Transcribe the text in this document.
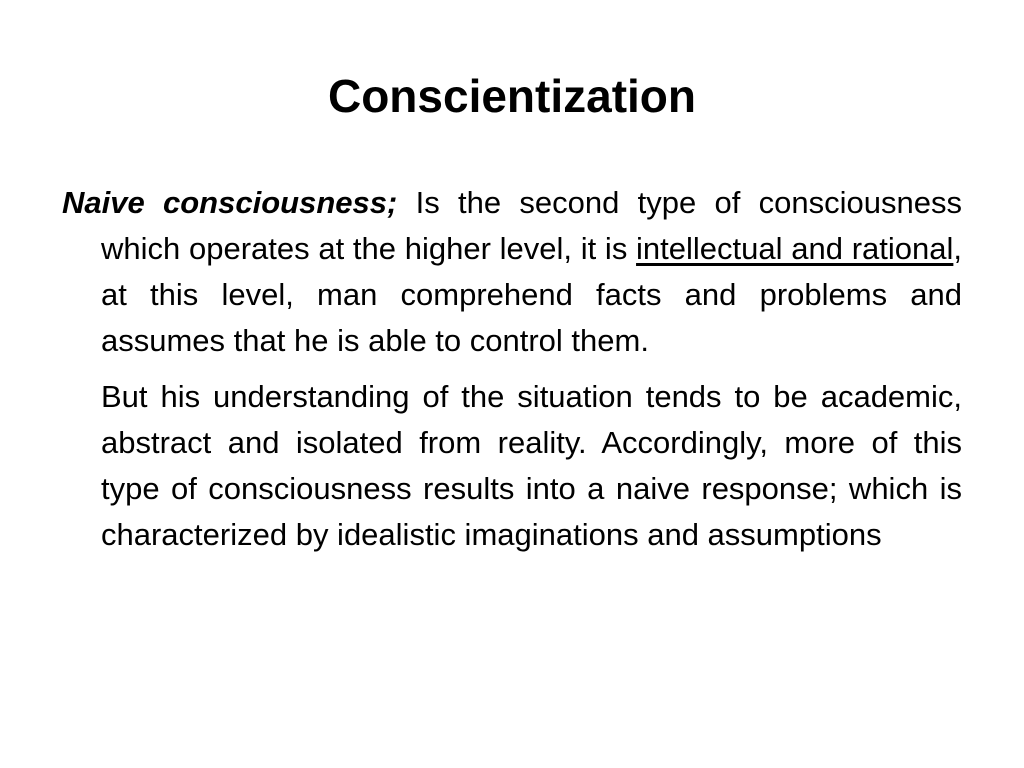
Conscientization

Naive consciousness; Is the second type of consciousness which operates at the higher level, it is intellectual and rational, at this level, man comprehend facts and problems and assumes that he is able to control them.

But his understanding of the situation tends to be academic, abstract and isolated from reality. Accordingly, more of this type of consciousness results into a naive response; which is characterized by idealistic imaginations and assumptions
